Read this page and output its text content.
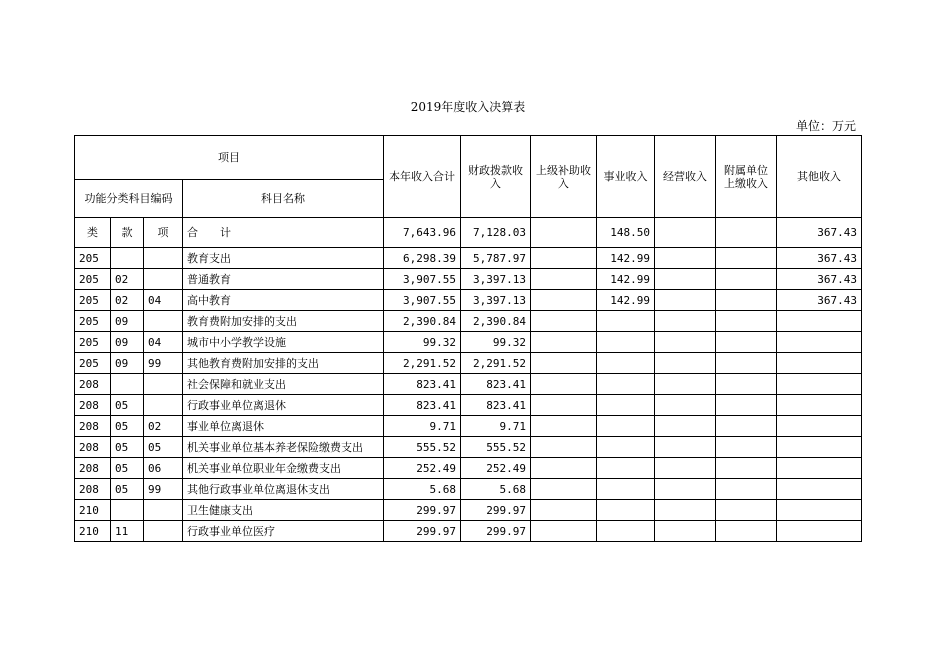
2019年度收入决算表
单位：万元
项目				本年收入合计	财政拨款收入	上级补助收入	事业收入	经营收入	附属单位上缴收入	其他收入
功能分类科目编码			科目名称							
类	款	项	合　　计	7,643.96	7,128.03		148.50			367.43
205			教育支出	6,298.39	5,787.97		142.99			367.43
205	02		普通教育	3,907.55	3,397.13		142.99			367.43
205	02	04	高中教育	3,907.55	3,397.13		142.99			367.43
205	09		教育费附加安排的支出	2,390.84	2,390.84					
205	09	04	城市中小学教学设施	99.32	99.32					
205	09	99	其他教育费附加安排的支出	2,291.52	2,291.52					
208			社会保障和就业支出	823.41	823.41					
208	05		行政事业单位离退休	823.41	823.41					
208	05	02	事业单位离退休	9.71	9.71					
208	05	05	机关事业单位基本养老保险缴费支出	555.52	555.52					
208	05	06	机关事业单位职业年金缴费支出	252.49	252.49					
208	05	99	其他行政事业单位离退休支出	5.68	5.68					
210			卫生健康支出	299.97	299.97					
210	11		行政事业单位医疗	299.97	299.97					
